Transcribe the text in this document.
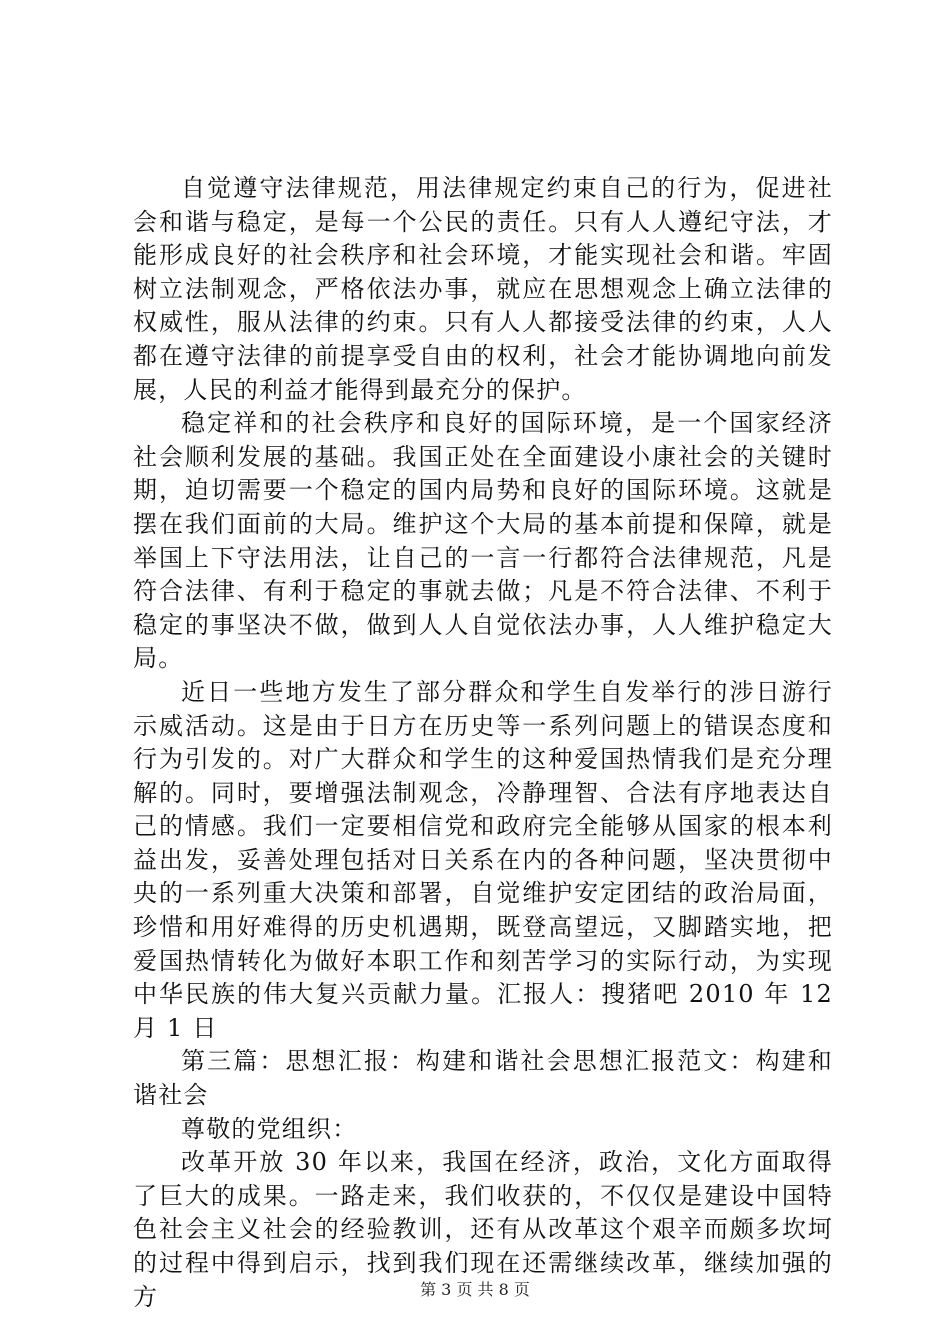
自觉遵守法律规范，用法律规定约束自己的行为，促进社会和谐与稳定，是每一个公民的责任。只有人人遵纪守法，才能形成良好的社会秩序和社会环境，才能实现社会和谐。牢固树立法制观念，严格依法办事，就应在思想观念上确立法律的权威性，服从法律的约束。只有人人都接受法律的约束，人人都在遵守法律的前提享受自由的权利，社会才能协调地向前发展，人民的利益才能得到最充分的保护。

稳定祥和的社会秩序和良好的国际环境，是一个国家经济社会顺利发展的基础。我国正处在全面建设小康社会的关键时期，迫切需要一个稳定的国内局势和良好的国际环境。这就是摆在我们面前的大局。维护这个大局的基本前提和保障，就是举国上下守法用法，让自己的一言一行都符合法律规范，凡是符合法律、有利于稳定的事就去做；凡是不符合法律、不利于稳定的事坚决不做，做到人人自觉依法办事，人人维护稳定大局。

近日一些地方发生了部分群众和学生自发举行的涉日游行示威活动。这是由于日方在历史等一系列问题上的错误态度和行为引发的。对广大群众和学生的这种爱国热情我们是充分理解的。同时，要增强法制观念，冷静理智、合法有序地表达自己的情感。我们一定要相信党和政府完全能够从国家的根本利益出发，妥善处理包括对日关系在内的各种问题，坚决贯彻中央的一系列重大决策和部署，自觉维护安定团结的政治局面，珍惜和用好难得的历史机遇期，既登高望远，又脚踏实地，把爱国热情转化为做好本职工作和刻苦学习的实际行动，为实现中华民族的伟大复兴贡献力量。汇报人：搜猪吧 2010 年 12 月 1 日

第三篇：思想汇报：构建和谐社会思想汇报范文：构建和谐社会

尊敬的党组织：

改革开放 30 年以来，我国在经济，政治，文化方面取得了巨大的成果。一路走来，我们收获的，不仅仅是建设中国特色社会主义社会的经验教训，还有从改革这个艰辛而颇多坎坷的过程中得到启示，找到我们现在还需继续改革，继续加强的方	第 3 页 共 8 页
